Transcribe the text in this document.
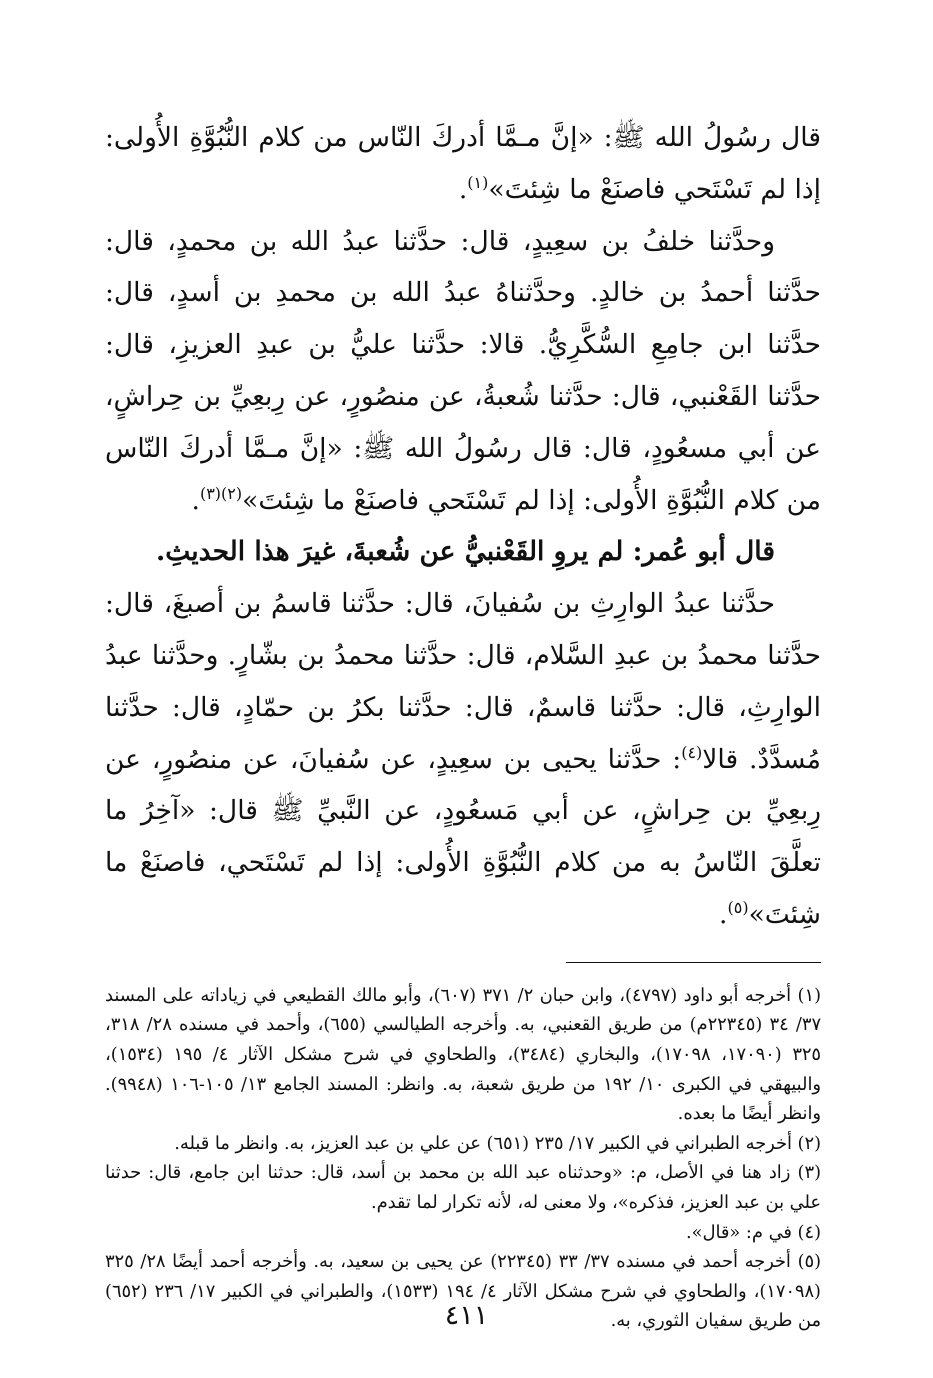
قال رسُولُ الله ﷺ: «إنَّ مـمَّا أدركَ النّاس من كلام النُّبُوَّةِ الأُولى: إذا لم تَسْتَحي فاصنَعْ ما شِئتَ»$^{(١)}$.

وحدَّثنا خلفُ بن سعِيدٍ، قال: حدَّثنا عبدُ الله بن محمدٍ، قال: حدَّثنا أحمدُ بن خالدٍ. وحدَّثناهُ عبدُ الله بن محمدِ بن أسدٍ، قال: حدَّثنا ابن جامِعِ السُّكَّرِيُّ. قالا: حدَّثنا عليُّ بن عبدِ العزيزِ، قال: حدَّثنا القَعْنبي، قال: حدَّثنا شُعبةُ، عن منصُورٍ، عن رِبعِيِّ بن حِراشٍ، عن أبي مسعُودٍ، قال: قال رسُولُ الله ﷺ: «إنَّ مـمَّا أدركَ النّاس من كلام النُّبُوَّةِ الأُولى: إذا لم تَسْتَحي فاصنَعْ ما شِئتَ»$^{(٢)(٣)}$.

قال أبو عُمر: لم يروِ القَعْنبيُّ عن شُعبةَ، غيرَ هذا الحديثِ.

حدَّثنا عبدُ الوارِثِ بن سُفيانَ، قال: حدَّثنا قاسمُ بن أصبغَ، قال: حدَّثنا محمدُ بن عبدِ السَّلام، قال: حدَّثنا محمدُ بن بشّارٍ. وحدَّثنا عبدُ الوارِثِ، قال: حدَّثنا قاسمٌ، قال: حدَّثنا بكرُ بن حمّادٍ، قال: حدَّثنا مُسدَّدٌ. قالا$^{(٤)}$: حدَّثنا يحيى بن سعِيدٍ، عن سُفيانَ، عن منصُورٍ، عن رِبعِيِّ بن حِراشٍ، عن أبي مَسعُودٍ، عن النَّبيِّ ﷺ قال: «آخِرُ ما تعلَّقَ النّاسُ به من كلام النُّبُوَّةِ الأُولى: إذا لم تَسْتَحي، فاصنَعْ ما شِئتَ»$^{(٥)}$.

(١) أخرجه أبو داود (٤٧٩٧)، وابن حبان ٢/ ٣٧١ (٦٠٧)، وأبو مالك القطيعي في زياداته على المسند ٣٧/ ٣٤ (٢٢٣٤٥م) من طريق القعنبي، به. وأخرجه الطيالسي (٦٥٥)، وأحمد في مسنده ٢٨/ ٣١٨، ٣٢٥ (١٧٠٩٠، ١٧٠٩٨)، والبخاري (٣٤٨٤)، والطحاوي في شرح مشكل الآثار ٤/ ١٩٥ (١٥٣٤)، والبيهقي في الكبرى ١٠/ ١٩٢ من طريق شعبة، به. وانظر: المسند الجامع ١٣/ ١٠٥-١٠٦ (٩٩٤٨). وانظر أيضًا ما بعده.

(٢) أخرجه الطبراني في الكبير ١٧/ ٢٣٥ (٦٥١) عن علي بن عبد العزيز، به. وانظر ما قبله.

(٣) زاد هنا في الأصل، م: «وحدثناه عبد الله بن محمد بن أسد، قال: حدثنا ابن جامع، قال: حدثنا علي بن عبد العزيز، فذكره»، ولا معنى له، لأنه تكرار لما تقدم.

(٤) في م: «قال».

(٥) أخرجه أحمد في مسنده ٣٧/ ٣٣ (٢٢٣٤٥) عن يحيى بن سعيد، به. وأخرجه أحمد أيضًا ٢٨/ ٣٢٥ (١٧٠٩٨)، والطحاوي في شرح مشكل الآثار ٤/ ١٩٤ (١٥٣٣)، والطبراني في الكبير ١٧/ ٢٣٦ (٦٥٢) من طريق سفيان الثوري، به.

٤١١
